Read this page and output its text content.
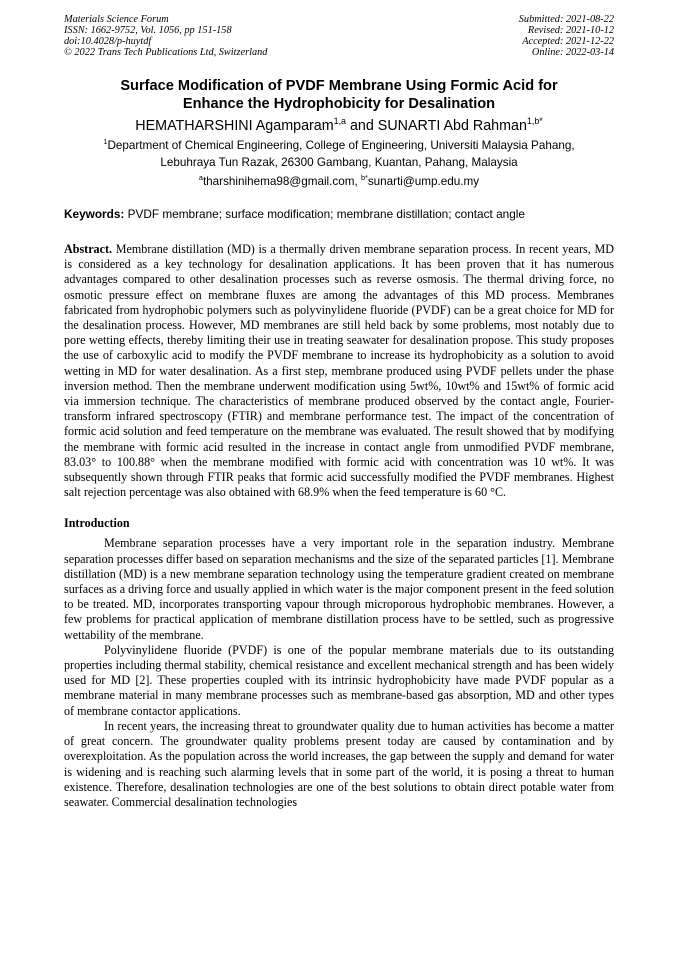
Materials Science Forum
ISSN: 1662-9752, Vol. 1056, pp 151-158
doi:10.4028/p-huytdf
© 2022 Trans Tech Publications Ltd, Switzerland
Submitted: 2021-08-22
Revised: 2021-10-12
Accepted: 2021-12-22
Online: 2022-03-14
Surface Modification of PVDF Membrane Using Formic Acid for
Enhance the Hydrophobicity for Desalination
HEMATHARSHINI Agamparam$^{1,a}$ and SUNARTI Abd Rahman$^{1,b*}$
$^1$Department of Chemical Engineering, College of Engineering, Universiti Malaysia Pahang,
Lebuhraya Tun Razak, 26300 Gambang, Kuantan, Pahang, Malaysia
$^a$tharshinihema98@gmail.com, $^{b*}$sunarti@ump.edu.my
Keywords: PVDF membrane; surface modification; membrane distillation; contact angle

Abstract. Membrane distillation (MD) is a thermally driven membrane separation process. In recent years, MD is considered as a key technology for desalination applications. It has been proven that it has numerous advantages compared to other desalination processes such as reverse osmosis. The thermal driving force, no osmotic pressure effect on membrane fluxes are among the advantages of this MD process. Membranes fabricated from hydrophobic polymers such as polyvinylidene fluoride (PVDF) can be a great choice for MD for the desalination process. However, MD membranes are still held back by some problems, most notably due to pore wetting effects, thereby limiting their use in treating seawater for desalination propose. This study proposes the use of carboxylic acid to modify the PVDF membrane to increase its hydrophobicity as a solution to avoid wetting in MD for water desalination. As a first step, membrane produced using PVDF pellets under the phase inversion method. Then the membrane underwent modification using 5wt%, 10wt% and 15wt% of formic acid via immersion technique. The characteristics of membrane produced observed by the contact angle, Fourier-transform infrared spectroscopy (FTIR) and membrane performance test. The impact of the concentration of formic acid solution and feed temperature on the membrane was evaluated. The result showed that by modifying the membrane with formic acid resulted in the increase in contact angle from unmodified PVDF membrane, 83.03° to 100.88° when the membrane modified with formic acid with concentration was 10 wt%. It was subsequently shown through FTIR peaks that formic acid successfully modified the PVDF membranes. Highest salt rejection percentage was also obtained with 68.9% when the feed temperature is 60 °C.

Introduction

Membrane separation processes have a very important role in the separation industry. Membrane separation processes differ based on separation mechanisms and the size of the separated particles [1]. Membrane distillation (MD) is a new membrane separation technology using the temperature gradient created on membrane surfaces as a driving force and usually applied in which water is the major component present in the feed solution to be treated. MD, incorporates transporting vapour through microporous hydrophobic membranes. However, a few problems for practical application of membrane distillation process have to be settled, such as progressive wettability of the membrane.

Polyvinylidene fluoride (PVDF) is one of the popular membrane materials due to its outstanding properties including thermal stability, chemical resistance and excellent mechanical strength and has been widely used for MD [2]. These properties coupled with its intrinsic hydrophobicity have made PVDF popular as a membrane material in many membrane processes such as membrane-based gas absorption, MD and other types of membrane contactor applications.

In recent years, the increasing threat to groundwater quality due to human activities has become a matter of great concern. The groundwater quality problems present today are caused by contamination and by overexploitation. As the population across the world increases, the gap between the supply and demand for water is widening and is reaching such alarming levels that in some part of the world, it is posing a threat to human existence. Therefore, desalination technologies are one of the best solutions to obtain direct potable water from seawater. Commercial desalination technologies
